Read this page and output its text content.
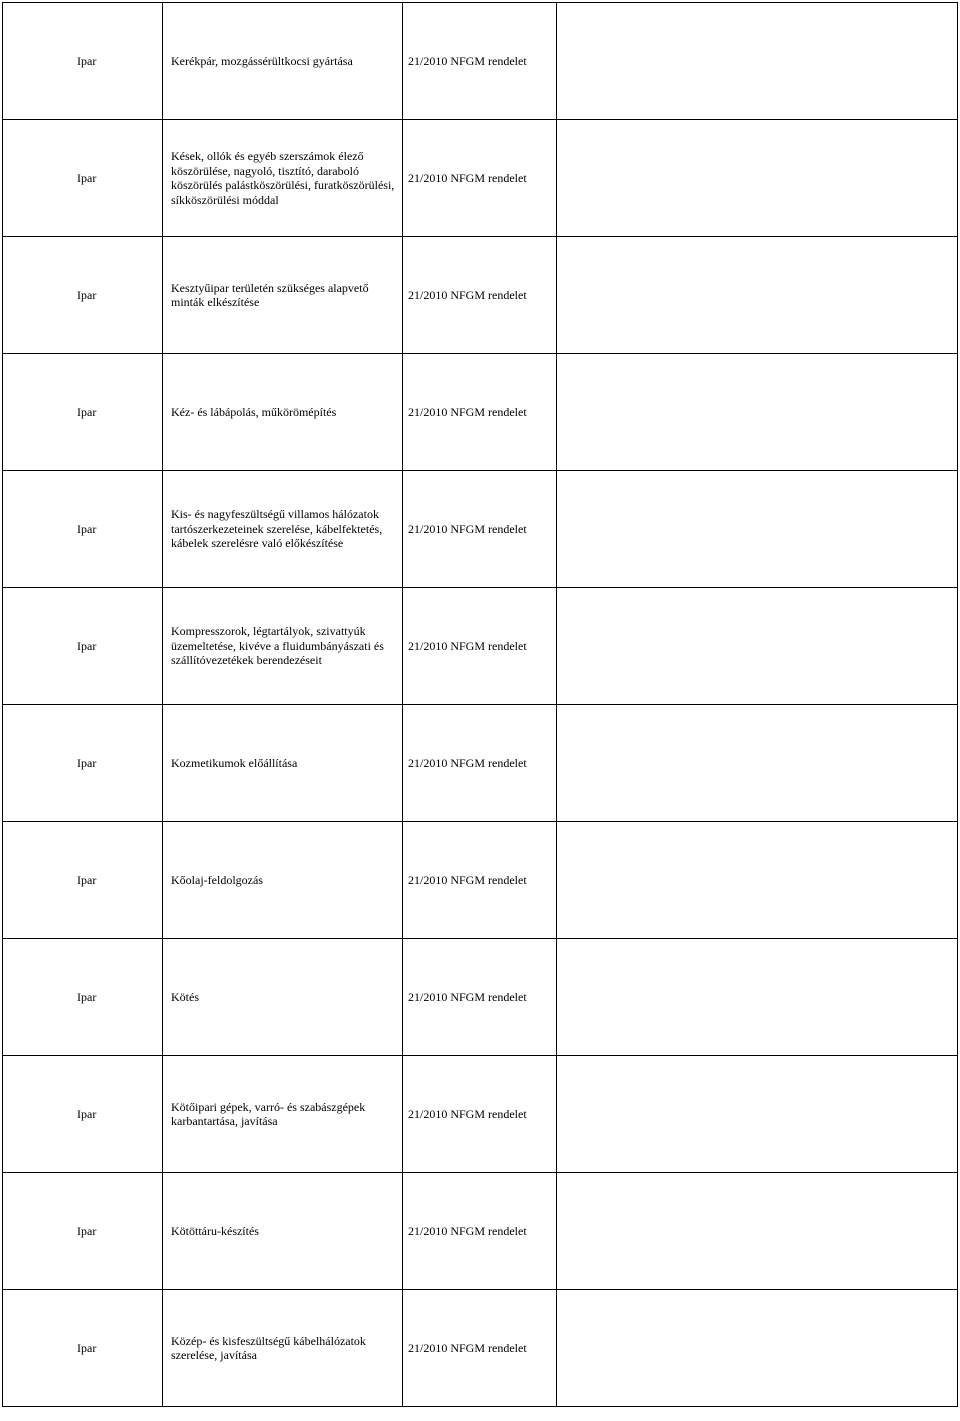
Ipar	Kerékpár, mozgássérültkocsi gyártása	21/2010 NFGM rendelet	

Ipar	Kések, ollók és egyéb szerszámok élező köszörülése, nagyoló, tisztító, daraboló köszörülés palástköszörülési, furatköszörülési, síkköszörülési móddal	21/2010 NFGM rendelet	

Ipar	Kesztyűipar területén szükséges alapvető minták elkészítése	21/2010 NFGM rendelet	

Ipar	Kéz- és lábápolás, műkörömépítés	21/2010 NFGM rendelet	

Ipar	Kis- és nagyfeszültségű villamos hálózatok tartószerkezeteinek szerelése, kábelfektetés, kábelek szerelésre való előkészítése	21/2010 NFGM rendelet	

Ipar	Kompresszorok, légtartályok, szivattyúk üzemeltetése, kivéve a fluidumbányászati és szállítóvezetékek berendezéseit	21/2010 NFGM rendelet	

Ipar	Kozmetikumok előállítása	21/2010 NFGM rendelet	

Ipar	Kőolaj-feldolgozás	21/2010 NFGM rendelet	

Ipar	Kötés	21/2010 NFGM rendelet	

Ipar	Kötőipari gépek, varró- és szabászgépek karbantartása, javítása	21/2010 NFGM rendelet	

Ipar	Kötöttáru-készítés	21/2010 NFGM rendelet	

Ipar	Közép- és kisfeszültségű kábelhálózatok szerelése, javítása	21/2010 NFGM rendelet	
